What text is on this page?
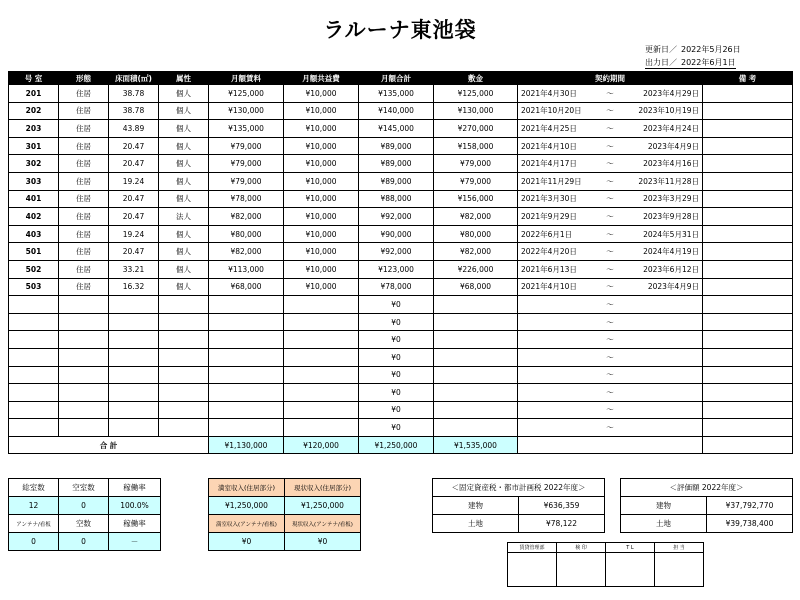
ラルーナ東池袋
更新日／ 2022年5月26日
出力日／ 2022年6月1日
号 室	形態	床面積(㎡)	属性	月額賃料	月額共益費	月額合計	敷金	契約期間	備 考
201	住居	38.78	個人	¥125,000	¥10,000	¥135,000	¥125,000	2021年4月30日 ～ 2023年4月29日	

202	住居	38.78	個人	¥130,000	¥10,000	¥140,000	¥130,000	2021年10月20日 ～ 2023年10月19日	

203	住居	43.89	個人	¥135,000	¥10,000	¥145,000	¥270,000	2021年4月25日 ～ 2023年4月24日	

301	住居	20.47	個人	¥79,000	¥10,000	¥89,000	¥158,000	2021年4月10日 ～ 2023年4月9日	

302	住居	20.47	個人	¥79,000	¥10,000	¥89,000	¥79,000	2021年4月17日 ～ 2023年4月16日	

303	住居	19.24	個人	¥79,000	¥10,000	¥89,000	¥79,000	2021年11月29日 ～ 2023年11月28日	

401	住居	20.47	個人	¥78,000	¥10,000	¥88,000	¥156,000	2021年3月30日 ～ 2023年3月29日	

402	住居	20.47	法人	¥82,000	¥10,000	¥92,000	¥82,000	2021年9月29日 ～ 2023年9月28日	

403	住居	19.24	個人	¥80,000	¥10,000	¥90,000	¥80,000	2022年6月1日 ～ 2024年5月31日	

501	住居	20.47	個人	¥82,000	¥10,000	¥92,000	¥82,000	2022年4月20日 ～ 2024年4月19日	

502	住居	33.21	個人	¥113,000	¥10,000	¥123,000	¥226,000	2021年6月13日 ～ 2023年6月12日	

503	住居	16.32	個人	¥68,000	¥10,000	¥78,000	¥68,000	2021年4月10日 ～ 2023年4月9日	

						¥0		～	

						¥0		～	

						¥0		～	

						¥0		～	

						¥0		～	

						¥0		～	

						¥0		～	

						¥0		～	

合 計				¥1,130,000	¥120,000	¥1,250,000	¥1,535,000		
総室数	空室数	稼働率
12	0	100.0%
アンテナ/看板	空数	稼働率
0	0	－
満室収入(住居部分)	現状収入(住居部分)
¥1,250,000	¥1,250,000
満室収入(アンテナ/看板)	現状収入(アンテナ/看板)
¥0	¥0
＜固定資産税・都市計画税 2022年度＞	
建物	¥636,359
土地	¥78,122
＜評価額 2022年度＞	
建物	¥37,792,770
土地	¥39,738,400
賃貸管理部	検 印	T L	担 当
